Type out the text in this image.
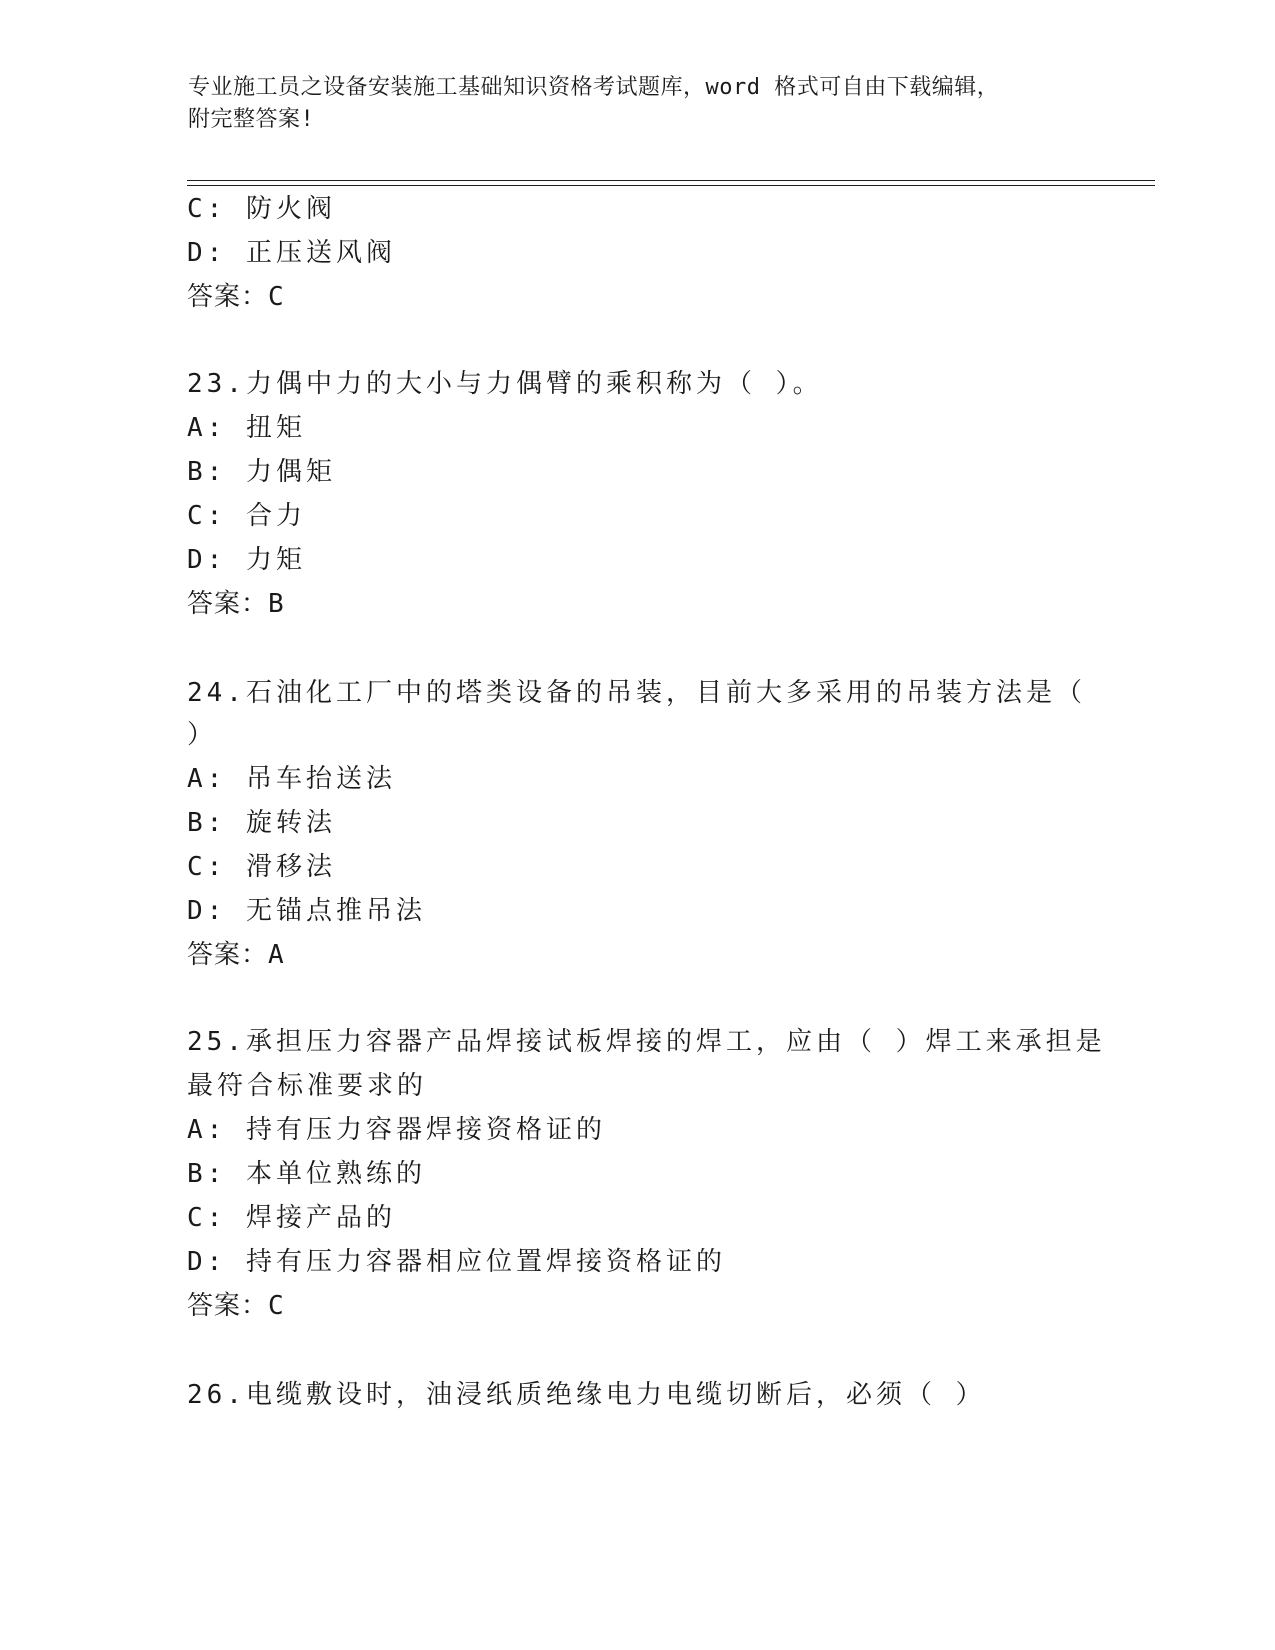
专业施工员之设备安装施工基础知识资格考试题库，word 格式可自由下载编辑，
附完整答案!
C: 防火阀
D: 正压送风阀
答案：C
23.力偶中力的大小与力偶臂的乘积称为（ ）。
A: 扭矩
B: 力偶矩
C: 合力
D: 力矩
答案：B
24.石油化工厂中的塔类设备的吊装，目前大多采用的吊装方法是（
）
A: 吊车抬送法
B: 旋转法
C: 滑移法
D: 无锚点推吊法
答案：A
25.承担压力容器产品焊接试板焊接的焊工，应由（ ）焊工来承担是
最符合标准要求的
A: 持有压力容器焊接资格证的
B: 本单位熟练的
C: 焊接产品的
D: 持有压力容器相应位置焊接资格证的
答案：C
26.电缆敷设时，油浸纸质绝缘电力电缆切断后，必须（ ）
